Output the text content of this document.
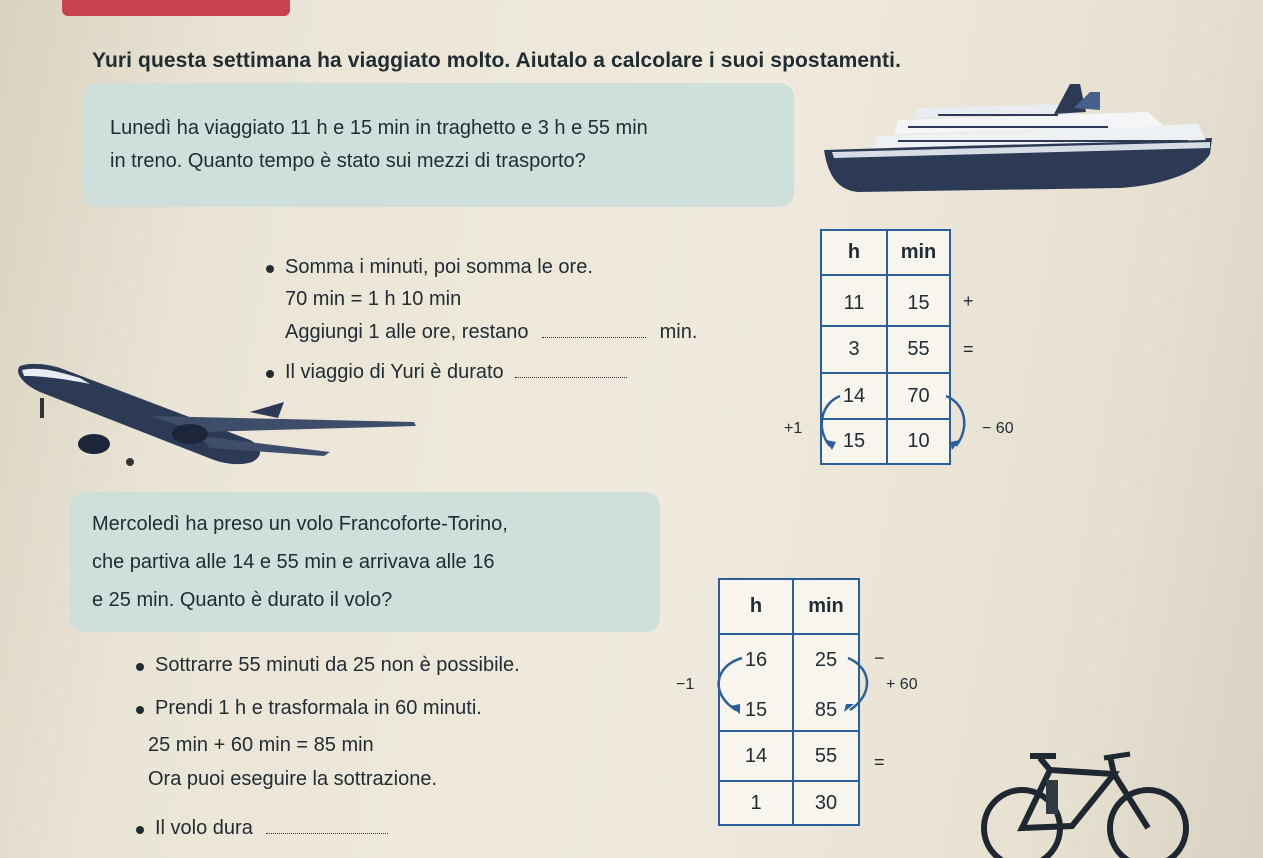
Yuri questa settimana ha viaggiato molto. Aiutalo a calcolare i suoi spostamenti.
Lunedì ha viaggiato 11 h e 15 min in traghetto e 3 h e 55 min
in treno. Quanto tempo è stato sui mezzi di trasporto?
Somma i minuti, poi somma le ore.
70 min = 1 h 10 min
Aggiungi 1 alle ore, restano	min.
Il viaggio di Yuri è durato
h	min
11	15
3	55
14	70
15	10
+
=
+1	− 60
Mercoledì ha preso un volo Francoforte-Torino,
che partiva alle 14 e 55 min e arrivava alle 16
e 25 min. Quanto è durato il volo?
Sottrarre 55 minuti da 25 non è possibile.
Prendi 1 h e trasformala in 60 minuti.
25 min + 60 min = 85 min
Ora puoi eseguire la sottrazione.
Il volo dura
h	min
16	25
15	85
14	55
1	30
−
=
−1	+ 60
